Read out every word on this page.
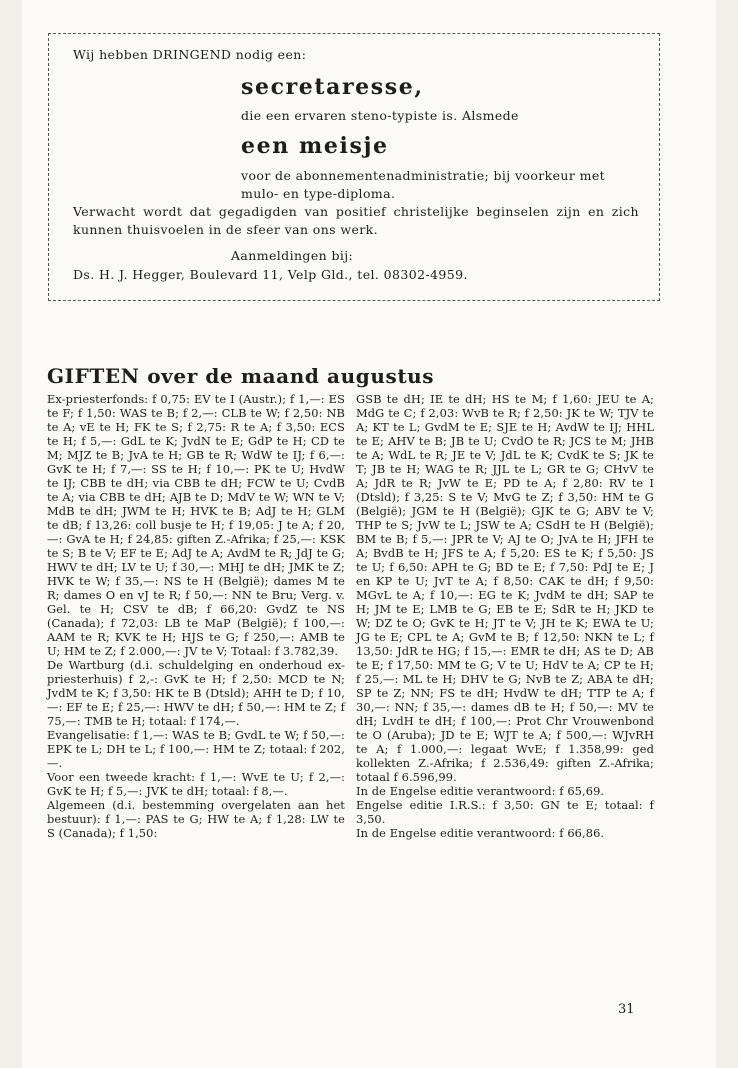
Wij hebben DRINGEND nodig een:
secretaresse,
die een ervaren steno-typiste is. Alsmede
een meisje
voor de abonnementenadministratie; bij voorkeur met mulo- en type-diploma.
Verwacht wordt dat gegadigden van positief christelijke beginselen zijn en zich kunnen thuisvoelen in de sfeer van ons werk.
Aanmeldingen bij:
Ds. H. J. Hegger, Boulevard 11, Velp Gld., tel. 08302-4959.
GIFTEN over de maand augustus

Ex-priesterfonds: f 0,75: EV te I (Austr.); f 1,—: ES te F; f 1,50: WAS te B; f 2,—: CLB te W; f 2,50: NB te A; vE te H; FK te S; f 2,75: R te A; f 3,50: ECS te H; f 5,—: GdL te K; JvdN te E; GdP te H; CD te M; MJZ te B; JvA te H; GB te R; WdW te IJ; f 6,—: GvK te H; f 7,—: SS te H; f 10,—: PK te U; HvdW te IJ; CBB te dH; via CBB te dH; FCW te U; CvdB te A; via CBB te dH; AJB te D; MdV te W; WN te V; MdB te dH; JWM te H; HVK te B; AdJ te H; GLM te dB; f 13,26: coll busje te H; f 19,05: J te A; f 20,—: GvA te H; f 24,85: giften Z.-Afrika; f 25,—: KSK te S; B te V; EF te E; AdJ te A; AvdM te R; JdJ te G; HWV te dH; LV te U; f 30,—: MHJ te dH; JMK te Z; HVK te W; f 35,—: NS te H (België); dames M te R; dames O en vJ te R; f 50,—: NN te Bru; Verg. v. Gel. te H; CSV te dB; f 66,20: GvdZ te NS (Canada); f 72,03: LB te MaP (België); f 100,—: AAM te R; KVK te H; HJS te G; f 250,—: AMB te U; HM te Z; f 2.000,—: JV te V; Totaal: f 3.782,39.

De Wartburg (d.i. schuldelging en onderhoud ex-priesterhuis) f 2,-: GvK te H; f 2,50: MCD te N; JvdM te K; f 3,50: HK te B (Dtsld); AHH te D; f 10,—: EF te E; f 25,—: HWV te dH; f 50,—: HM te Z; f 75,—: TMB te H; totaal: f 174,—.

Evangelisatie: f 1,—: WAS te B; GvdL te W; f 50,—: EPK te L; DH te L; f 100,—: HM te Z; totaal: f 202,—.

Voor een tweede kracht: f 1,—: WvE te U; f 2,—: GvK te H; f 5,—: JVK te dH; totaal: f 8,—.

Algemeen (d.i. bestemming overgelaten aan het bestuur): f 1,—: PAS te G; HW te A; f 1,28: LW te S (Canada); f 1,50:

GSB te dH; IE te dH; HS te M; f 1,60: JEU te A; MdG te C; f 2,03: WvB te R; f 2,50: JK te W; TJV te A; KT te L; GvdM te E; SJE te H; AvdW te IJ; HHL te E; AHV te B; JB te U; CvdO te R; JCS te M; JHB te A; WdL te R; JE te V; JdL te K; CvdK te S; JK te T; JB te H; WAG te R; JJL te L; GR te G; CHvV te A; JdR te R; JvW te E; PD te A; f 2,80: RV te I (Dtsld); f 3,25: S te V; MvG te Z; f 3,50: HM te G (België); JGM te H (België); GJK te G; ABV te V; THP te S; JvW te L; JSW te A; CSdH te H (België); BM te B; f 5,—: JPR te V; AJ te O; JvA te H; JFH te A; BvdB te H; JFS te A; f 5,20: ES te K; f 5,50: JS te U; f 6,50: APH te G; BD te E; f 7,50: PdJ te E; J en KP te U; JvT te A; f 8,50: CAK te dH; f 9,50: MGvL te A; f 10,—: EG te K; JvdM te dH; SAP te H; JM te E; LMB te G; EB te E; SdR te H; JKD te W; DZ te O; GvK te H; JT te V; JH te K; EWA te U; JG te E; CPL te A; GvM te B; f 12,50: NKN te L; f 13,50: JdR te HG; f 15,—: EMR te dH; AS te D; AB te E; f 17,50: MM te G; V te U; HdV te A; CP te H; f 25,—: ML te H; DHV te G; NvB te Z; ABA te dH; SP te Z; NN; FS te dH; HvdW te dH; TTP te A; f 30,—: NN; f 35,—: dames dB te H; f 50,—: MV te dH; LvdH te dH; f 100,—: Prot Chr Vrouwenbond te O (Aruba); JD te E; WJT te A; f 500,—: WJvRH te A; f 1.000,—: legaat WvE; f 1.358,99: ged kollekten Z.-Afrika; f 2.536,49: giften Z.-Afrika; totaal f 6.596,99.

In de Engelse editie verantwoord: f 65,69.

Engelse editie I.R.S.: f 3,50: GN te E; totaal: f 3,50.

In de Engelse editie verantwoord: f 66,86.

31
